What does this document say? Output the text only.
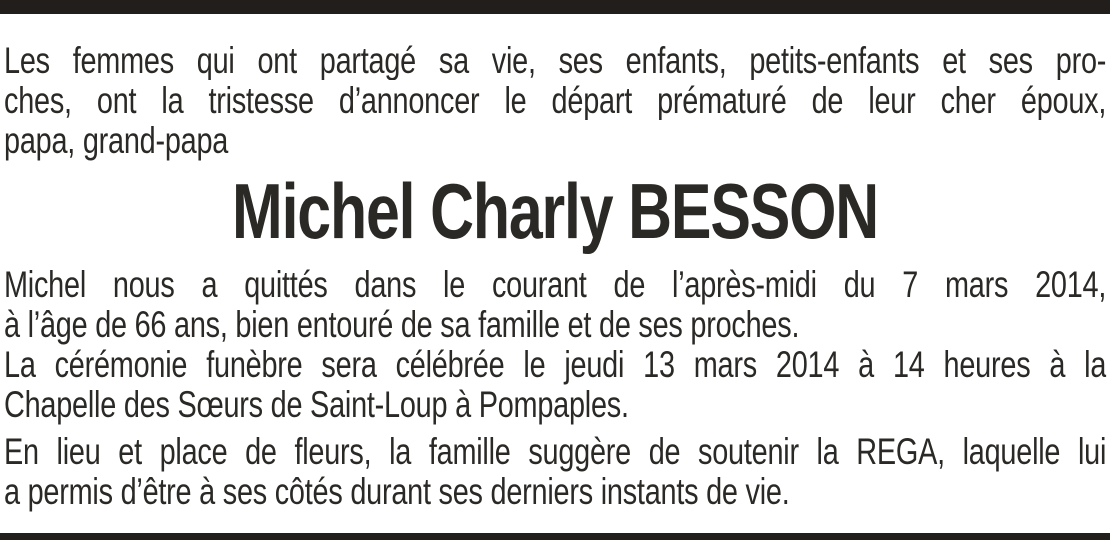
Les femmes qui ont partagé sa vie, ses enfants, petits-enfants et ses pro-
ches, ont la tristesse d’annoncer le départ prématuré de leur cher époux,
papa, grand-papa
Michel Charly BESSON
Michel nous a quittés dans le courant de l’après-midi du 7 mars 2014,
à l’âge de 66 ans, bien entouré de sa famille et de ses proches.
La cérémonie funèbre sera célébrée le jeudi 13 mars 2014 à 14 heures à la
Chapelle des Sœurs de Saint-Loup à Pompaples.
En lieu et place de fleurs, la famille suggère de soutenir la REGA, laquelle lui
a permis d’être à ses côtés durant ses derniers instants de vie.
